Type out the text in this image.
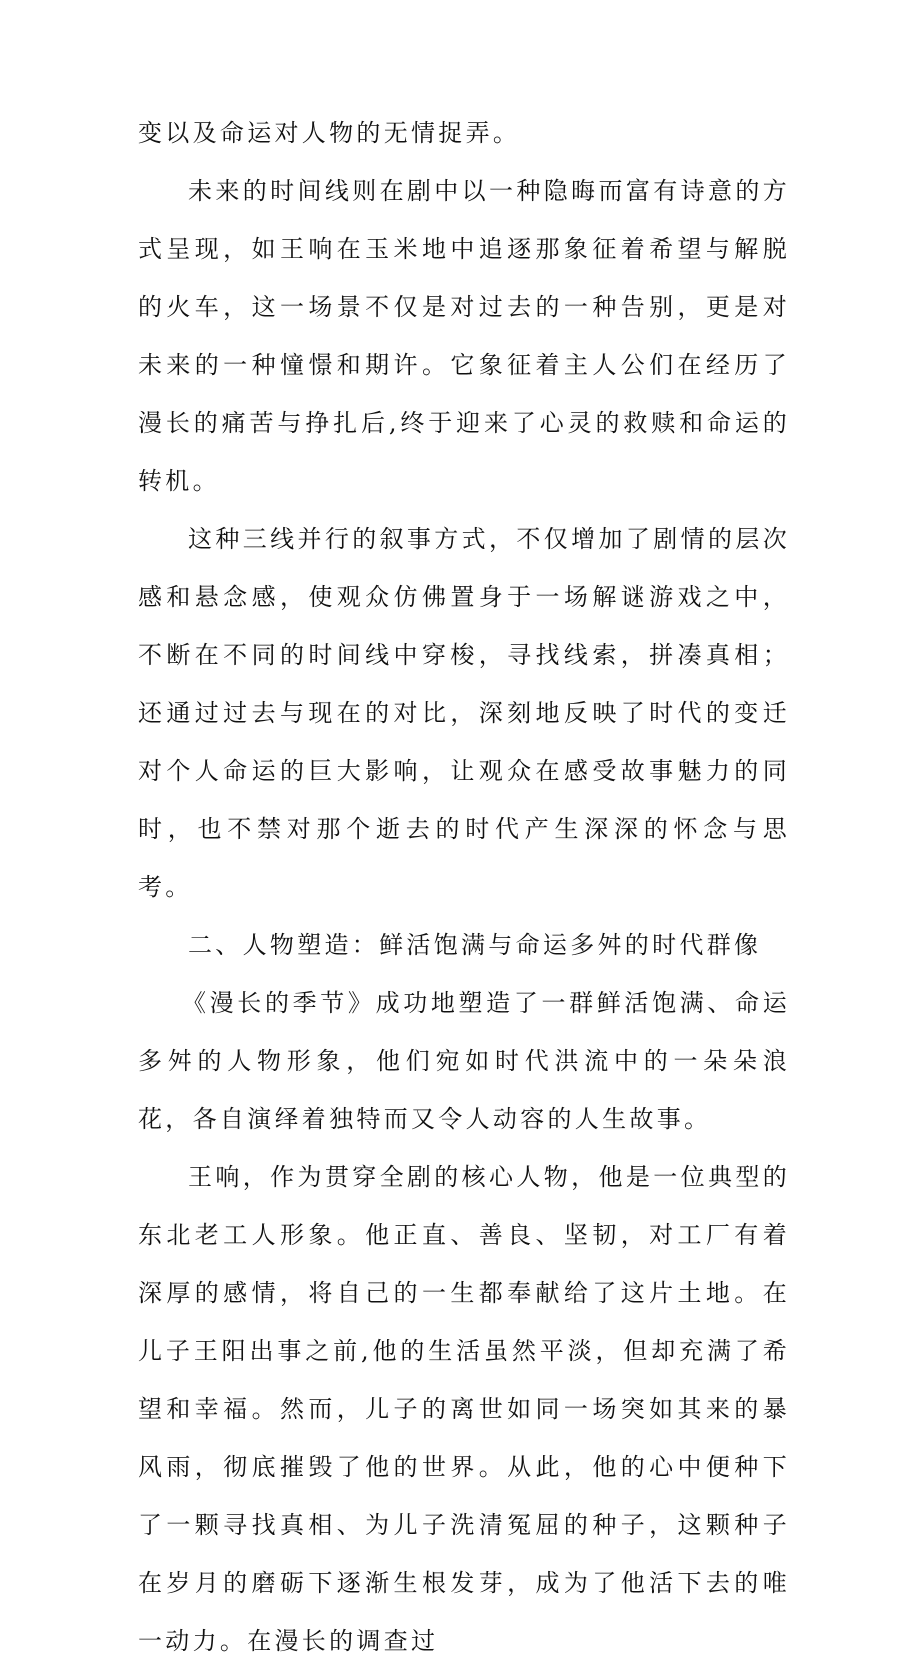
变以及命运对人物的无情捉弄。

未来的时间线则在剧中以一种隐晦而富有诗意的方式呈现，如王响在玉米地中追逐那象征着希望与解脱的火车，这一场景不仅是对过去的一种告别，更是对未来的一种憧憬和期许。它象征着主人公们在经历了漫长的痛苦与挣扎后,终于迎来了心灵的救赎和命运的转机。

这种三线并行的叙事方式，不仅增加了剧情的层次感和悬念感，使观众仿佛置身于一场解谜游戏之中，不断在不同的时间线中穿梭，寻找线索，拼凑真相；还通过过去与现在的对比，深刻地反映了时代的变迁对个人命运的巨大影响，让观众在感受故事魅力的同时，也不禁对那个逝去的时代产生深深的怀念与思考。

二、人物塑造：鲜活饱满与命运多舛的时代群像

《漫长的季节》成功地塑造了一群鲜活饱满、命运多舛的人物形象，他们宛如时代洪流中的一朵朵浪花，各自演绎着独特而又令人动容的人生故事。

王响，作为贯穿全剧的核心人物，他是一位典型的东北老工人形象。他正直、善良、坚韧，对工厂有着深厚的感情，将自己的一生都奉献给了这片土地。在儿子王阳出事之前,他的生活虽然平淡，但却充满了希望和幸福。然而，儿子的离世如同一场突如其来的暴风雨，彻底摧毁了他的世界。从此，他的心中便种下了一颗寻找真相、为儿子洗清冤屈的种子，这颗种子在岁月的磨砺下逐渐生根发芽，成为了他活下去的唯一动力。在漫长的调查过
